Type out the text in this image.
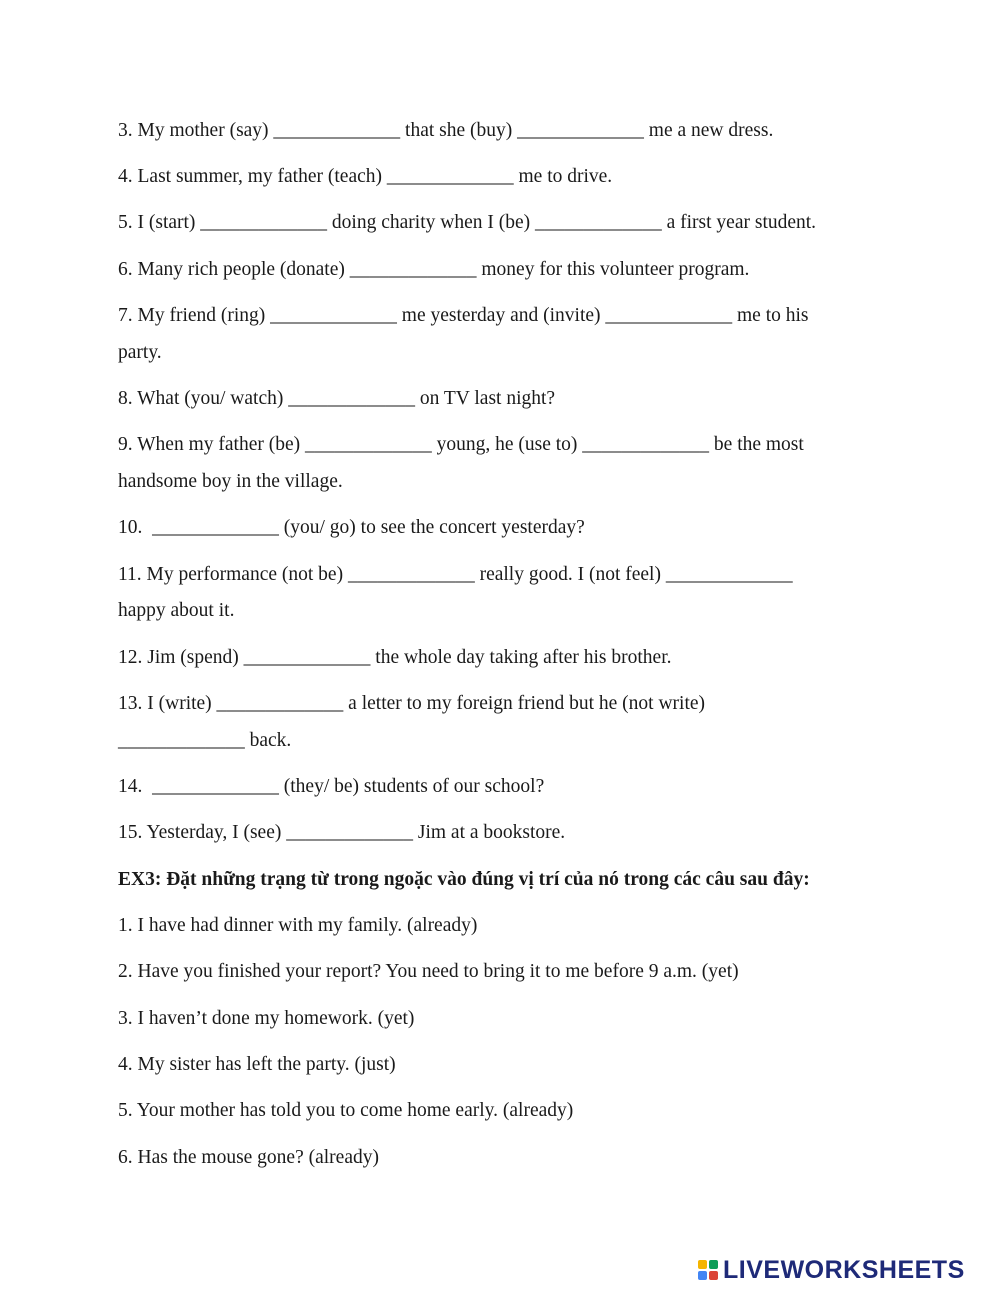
3. My mother (say) _____________ that she (buy) _____________ me a new dress.
4. Last summer, my father (teach) _____________ me to drive.
5. I (start) _____________ doing charity when I (be) _____________ a first year student.
6. Many rich people (donate) _____________ money for this volunteer program.
7. My friend (ring) _____________ me yesterday and (invite) _____________ me to his
party.
8. What (you/ watch) _____________ on TV last night?
9. When my father (be) _____________ young, he (use to) _____________ be the most
handsome boy in the village.
10.  _____________ (you/ go) to see the concert yesterday?
11. My performance (not be) _____________ really good. I (not feel) _____________
happy about it.
12. Jim (spend) _____________ the whole day taking after his brother.
13. I (write) _____________ a letter to my foreign friend but he (not write)
_____________ back.
14.  _____________ (they/ be) students of our school?
15. Yesterday, I (see) _____________ Jim at a bookstore.
EX3: Đặt những trạng từ trong ngoặc vào đúng vị trí của nó trong các câu sau đây:
1. I have had dinner with my family. (already)
2. Have you finished your report? You need to bring it to me before 9 a.m. (yet)
3. I haven’t done my homework. (yet)
4. My sister has left the party. (just)
5. Your mother has told you to come home early. (already)
6. Has the mouse gone? (already)
LIVEWORKSHEETS
